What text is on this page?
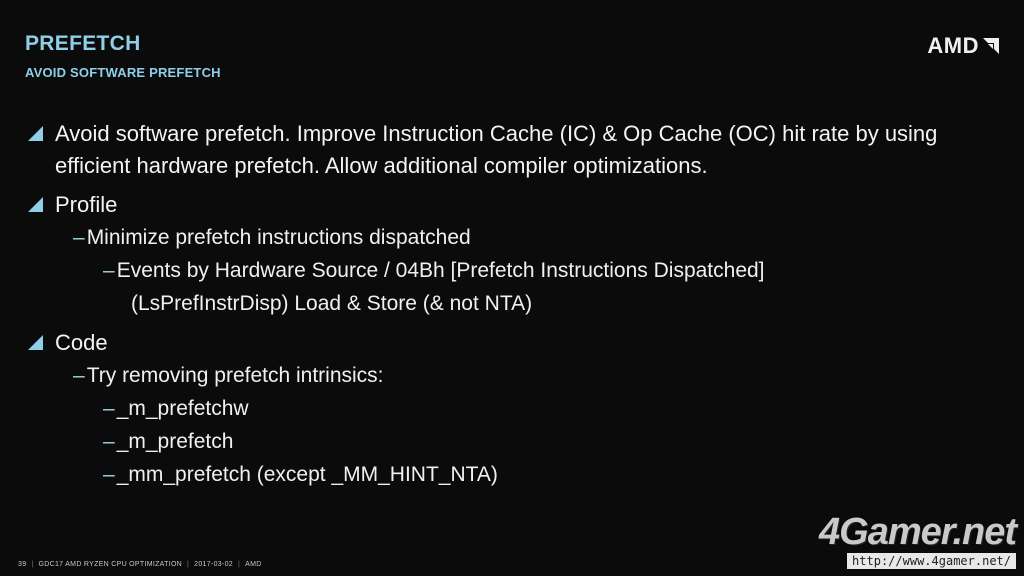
PREFETCH
AVOID SOFTWARE PREFETCH
AMD
Avoid software prefetch. Improve Instruction Cache (IC) & Op Cache (OC) hit rate by using
efficient hardware prefetch. Allow additional compiler optimizations.
Profile
–Minimize prefetch instructions dispatched
–Events by Hardware Source / 04Bh [Prefetch Instructions Dispatched]
(LsPrefInstrDisp) Load & Store (& not NTA)
Code
–Try removing prefetch intrinsics:
–_m_prefetchw
–_m_prefetch
–_mm_prefetch (except _MM_HINT_NTA)
39 | GDC17 AMD RYZEN CPU OPTIMIZATION | 2017-03-02 | AMD
4Gamer.net
http://www.4gamer.net/
